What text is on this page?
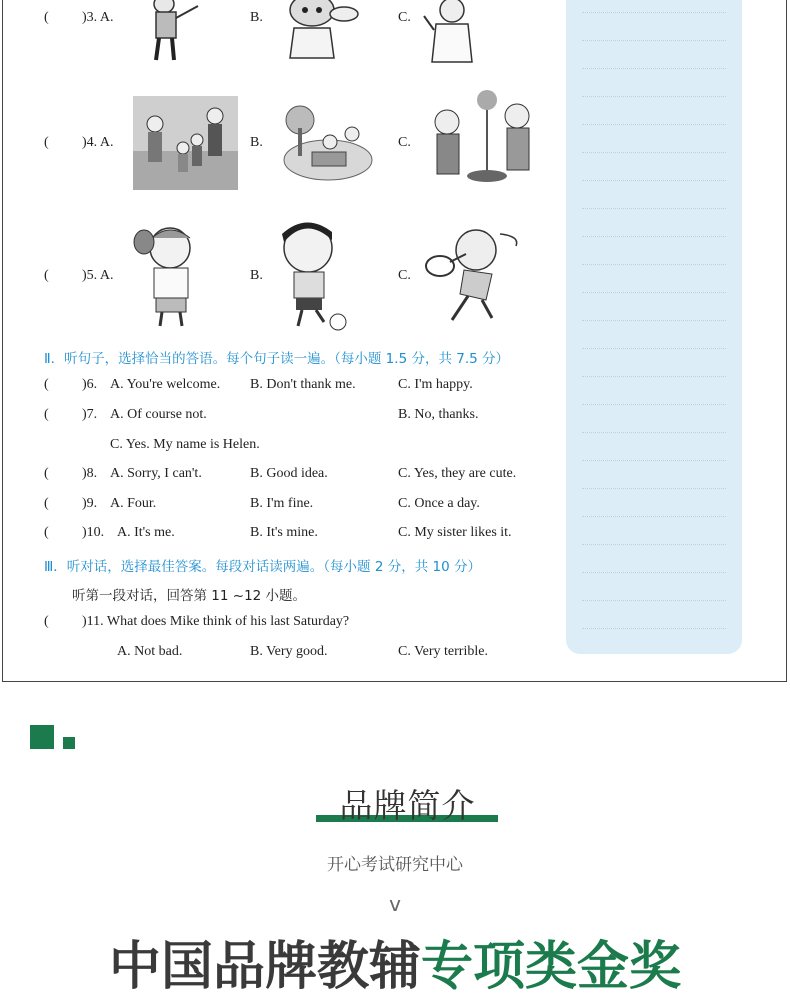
( )3. A.	B.	C.
( )4. A.	B.	C.
( )5. A.	B.	C.
Ⅱ．听句子，选择恰当的答语。每个句子读一遍。（每小题 1.5 分，共 7.5 分）
( )6. A. You're welcome. B. Don't thank me.	C. I'm happy.
( )7. A. Of course not.	B. No, thanks.
C. Yes. My name is Helen.
( )8. A. Sorry, I can't.	B. Good idea.	C. Yes, they are cute.
( )9. A. Four.	B. I'm fine.	C. Once a day.
( )10. A. It's me.	B. It's mine.	C. My sister likes it.
Ⅲ．听对话，选择最佳答案。每段对话读两遍。（每小题 2 分，共 10 分）
听第一段对话，回答第 11 ~12 小题。
( )11. What does Mike think of his last Saturday?
A. Not bad.	B. Very good.	C. Very terrible.
品牌简介
开心考试研究中心
v
中国品牌教辅专项类金奖
